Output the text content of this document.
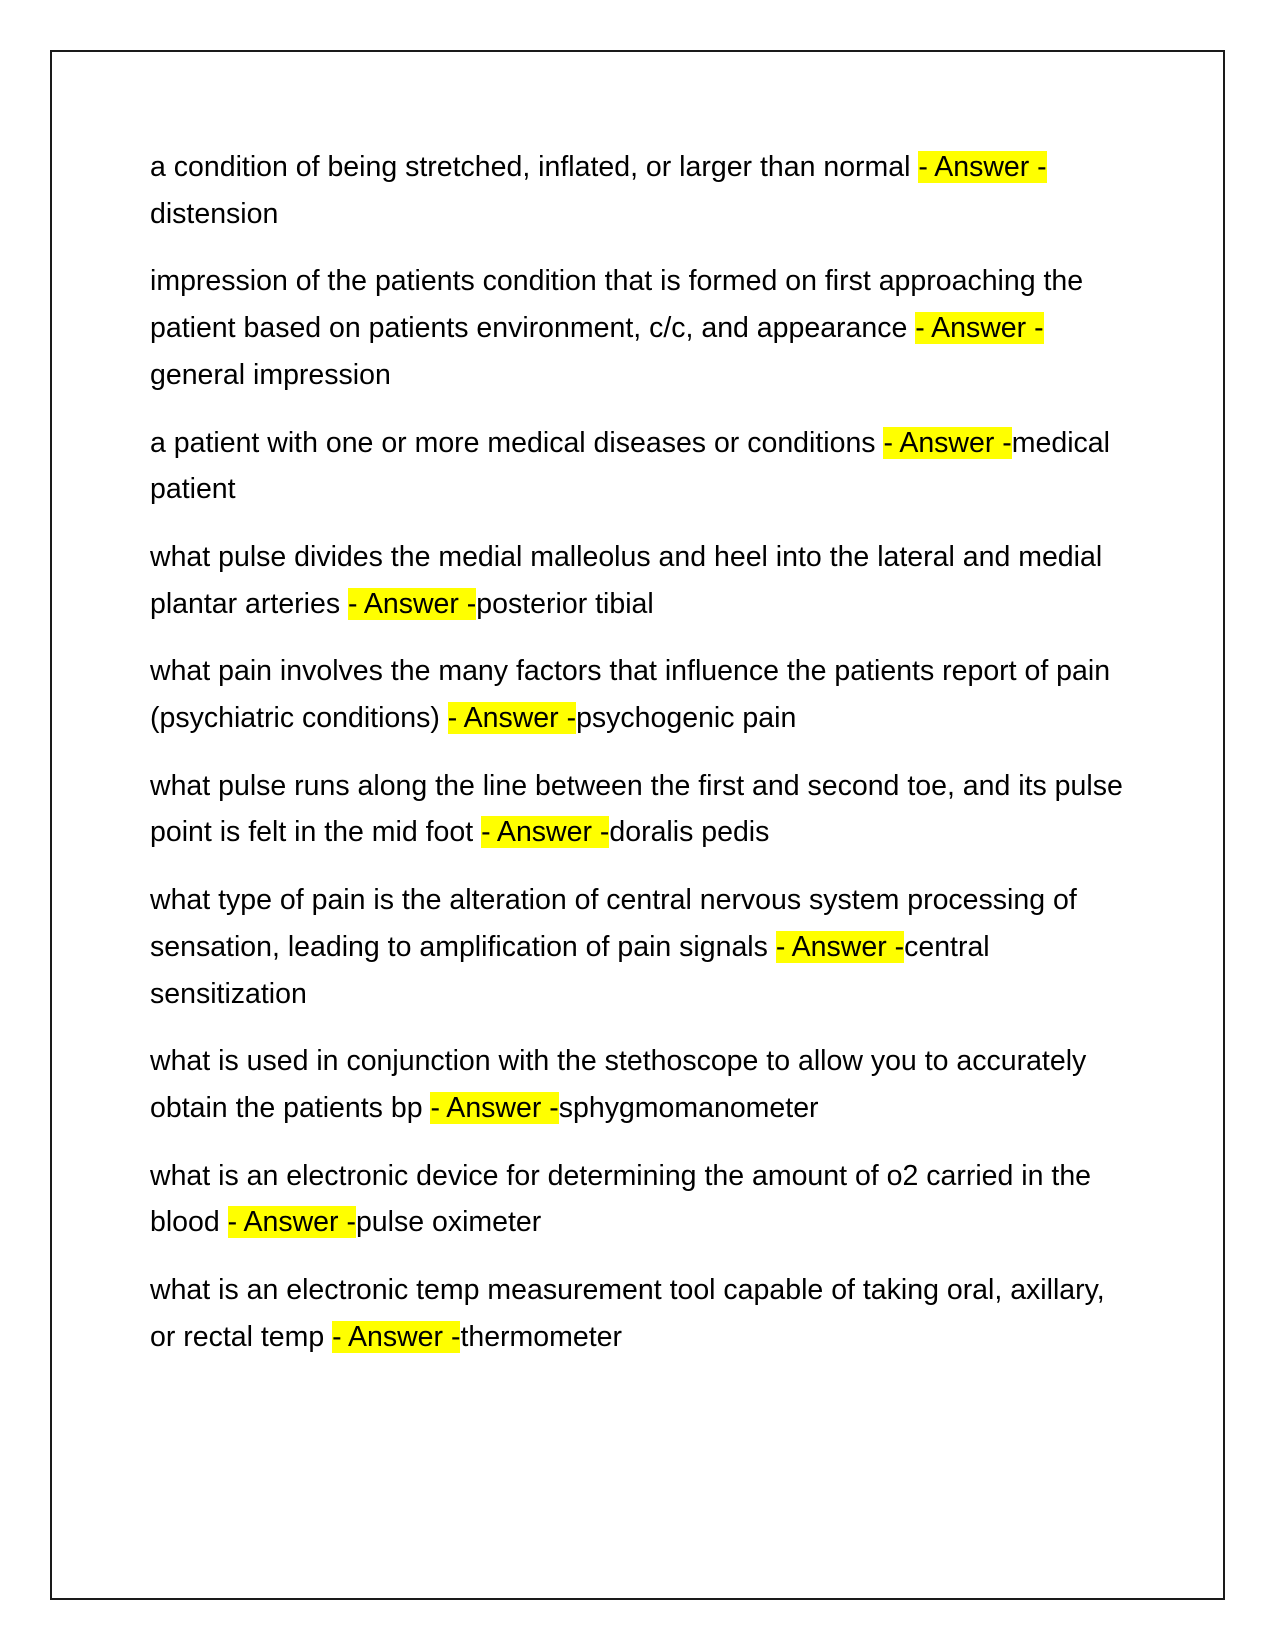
a condition of being stretched, inflated, or larger than normal - Answer -distension

impression of the patients condition that is formed on first approaching the patient based on patients environment, c/c, and appearance - Answer -general impression

a patient with one or more medical diseases or conditions - Answer -medical patient

what pulse divides the medial malleolus and heel into the lateral and medial plantar arteries - Answer -posterior tibial

what pain involves the many factors that influence the patients report of pain (psychiatric conditions) - Answer -psychogenic pain

what pulse runs along the line between the first and second toe, and its pulse point is felt in the mid foot - Answer -doralis pedis

what type of pain is the alteration of central nervous system processing of sensation, leading to amplification of pain signals - Answer -central sensitization

what is used in conjunction with the stethoscope to allow you to accurately obtain the patients bp - Answer -sphygmomanometer

what is an electronic device for determining the amount of o2 carried in the blood - Answer -pulse oximeter

what is an electronic temp measurement tool capable of taking oral, axillary, or rectal temp - Answer -thermometer
